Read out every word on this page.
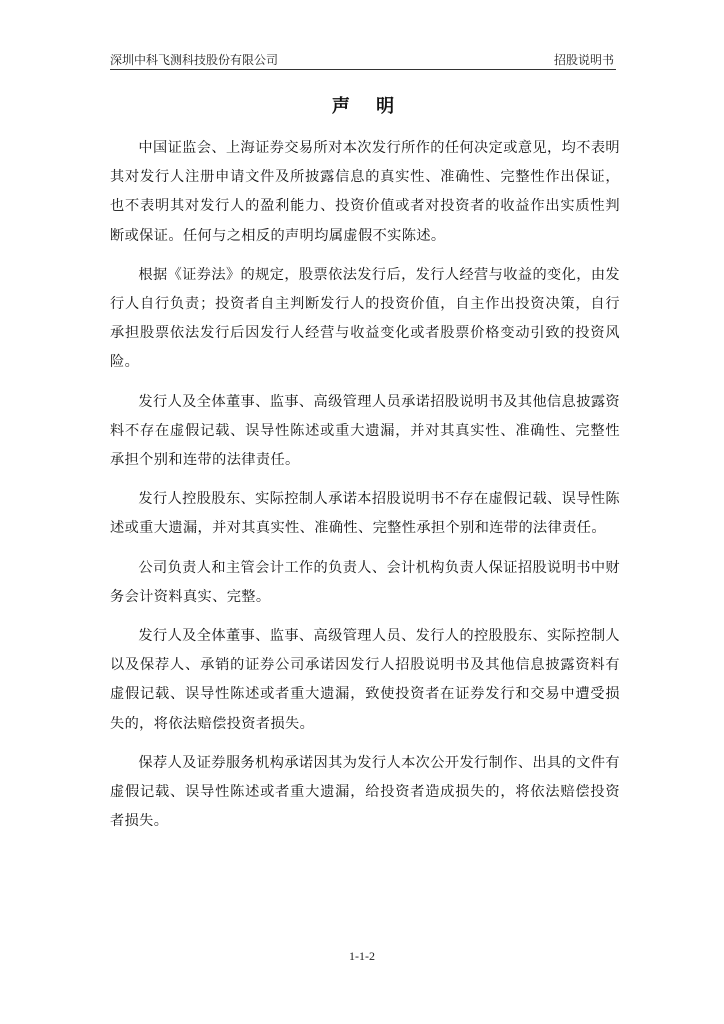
深圳中科飞测科技股份有限公司	招股说明书
声 明

中国证监会、上海证券交易所对本次发行所作的任何决定或意见，均不表明其对发行人注册申请文件及所披露信息的真实性、准确性、完整性作出保证，也不表明其对发行人的盈利能力、投资价值或者对投资者的收益作出实质性判断或保证。任何与之相反的声明均属虚假不实陈述。

根据《证券法》的规定，股票依法发行后，发行人经营与收益的变化，由发行人自行负责；投资者自主判断发行人的投资价值，自主作出投资决策，自行承担股票依法发行后因发行人经营与收益变化或者股票价格变动引致的投资风险。

发行人及全体董事、监事、高级管理人员承诺招股说明书及其他信息披露资料不存在虚假记载、误导性陈述或重大遗漏，并对其真实性、准确性、完整性承担个别和连带的法律责任。

发行人控股股东、实际控制人承诺本招股说明书不存在虚假记载、误导性陈述或重大遗漏，并对其真实性、准确性、完整性承担个别和连带的法律责任。

公司负责人和主管会计工作的负责人、会计机构负责人保证招股说明书中财务会计资料真实、完整。

发行人及全体董事、监事、高级管理人员、发行人的控股股东、实际控制人以及保荐人、承销的证券公司承诺因发行人招股说明书及其他信息披露资料有虚假记载、误导性陈述或者重大遗漏，致使投资者在证券发行和交易中遭受损失的，将依法赔偿投资者损失。

保荐人及证券服务机构承诺因其为发行人本次公开发行制作、出具的文件有虚假记载、误导性陈述或者重大遗漏，给投资者造成损失的，将依法赔偿投资者损失。

1-1-2
